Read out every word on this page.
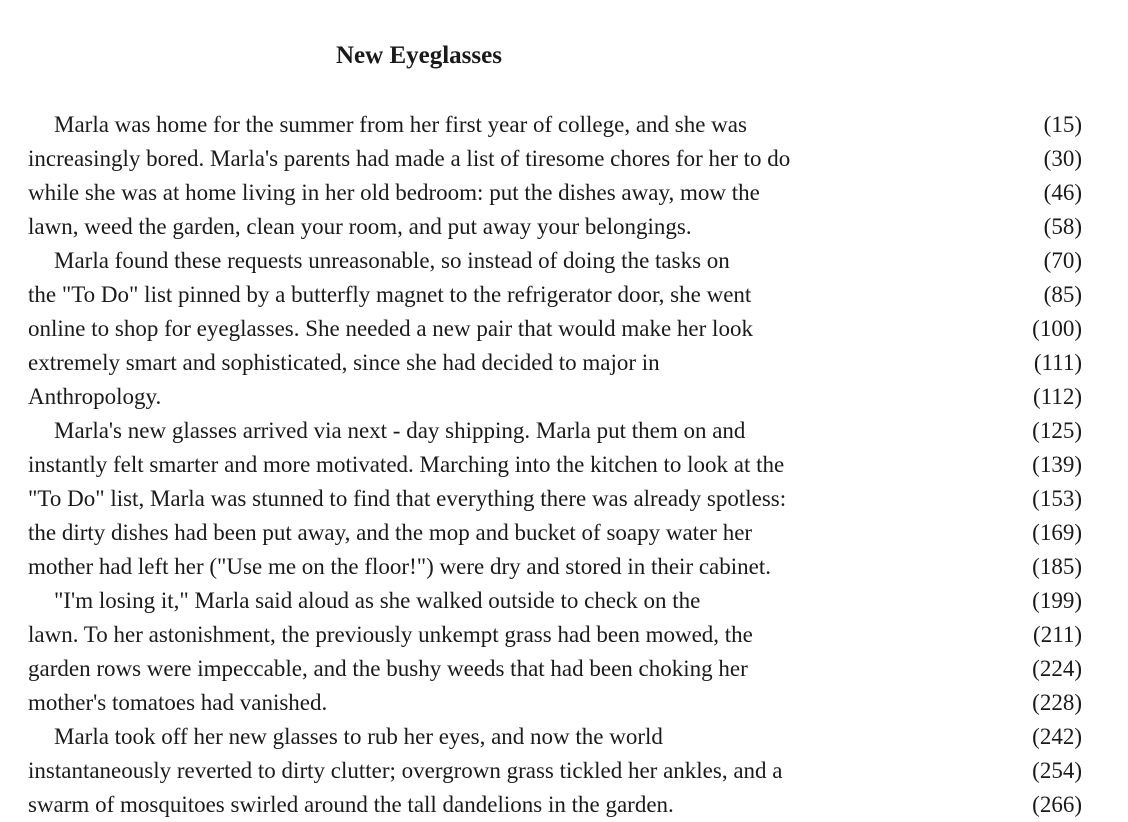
New Eyeglasses
Marla was home for the summer from her first year of college, and she was	(15)
increasingly bored. Marla's parents had made a list of tiresome chores for her to do	(30)
while she was at home living in her old bedroom: put the dishes away, mow the	(46)
lawn, weed the garden, clean your room, and put away your belongings.	(58)
Marla found these requests unreasonable, so instead of doing the tasks on	(70)
the "To Do" list pinned by a butterfly magnet to the refrigerator door, she went	(85)
online to shop for eyeglasses. She needed a new pair that would make her look	(100)
extremely smart and sophisticated, since she had decided to major in	(111)
Anthropology.	(112)
Marla's new glasses arrived via next - day shipping. Marla put them on and	(125)
instantly felt smarter and more motivated. Marching into the kitchen to look at the	(139)
"To Do" list, Marla was stunned to find that everything there was already spotless:	(153)
the dirty dishes had been put away, and the mop and bucket of soapy water her	(169)
mother had left her ("Use me on the floor!") were dry and stored in their cabinet.	(185)
"I'm losing it," Marla said aloud as she walked outside to check on the	(199)
lawn. To her astonishment, the previously unkempt grass had been mowed, the	(211)
garden rows were impeccable, and the bushy weeds that had been choking her	(224)
mother's tomatoes had vanished.	(228)
Marla took off her new glasses to rub her eyes, and now the world	(242)
instantaneously reverted to dirty clutter; overgrown grass tickled her ankles, and a	(254)
swarm of mosquitoes swirled around the tall dandelions in the garden.	(266)
